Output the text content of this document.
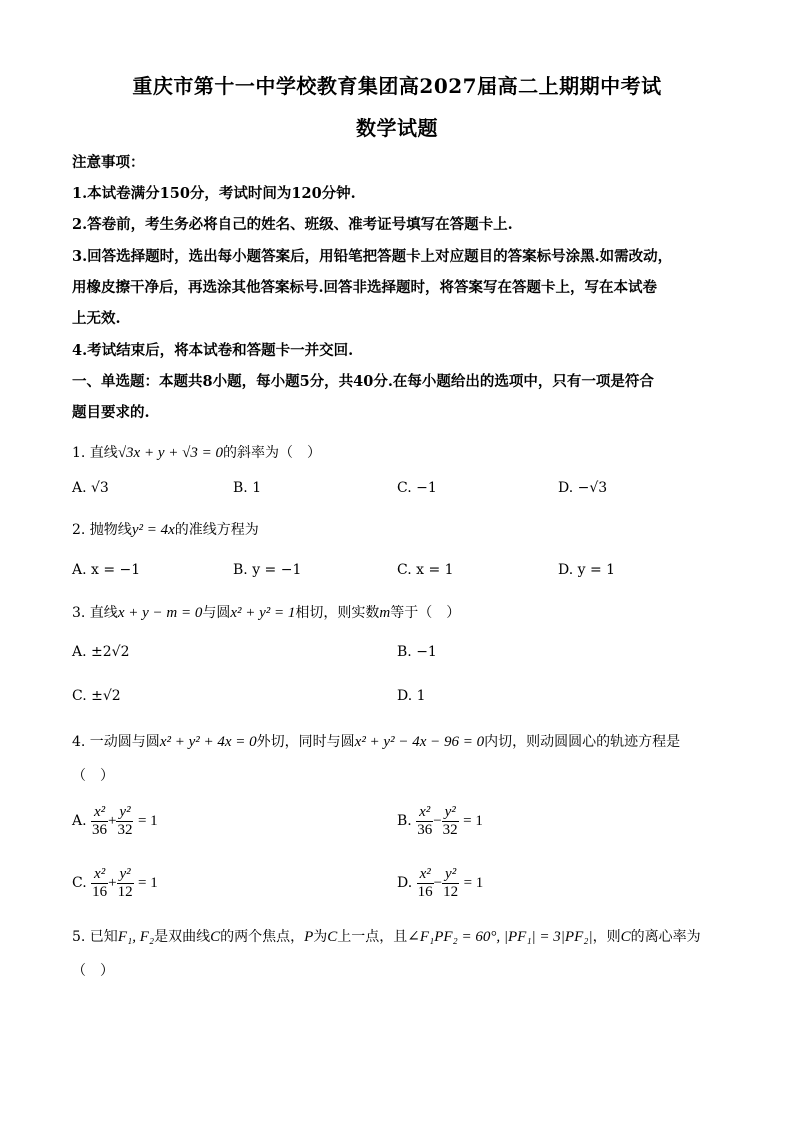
重庆市第十一中学校教育集团高2027届高二上期期中考试
数学试题
注意事项：
1.本试卷满分150分，考试时间为120分钟.
2.答卷前，考生务必将自己的姓名、班级、准考证号填写在答题卡上.
3.回答选择题时，选出每小题答案后，用铅笔把答题卡上对应题目的答案标号涂黑.如需改动，
用橡皮擦干净后，再选涂其他答案标号.回答非选择题时，将答案写在答题卡上，写在本试卷
上无效.
4.考试结束后，将本试卷和答题卡一并交回.
一、单选题：本题共8小题，每小题5分，共40分.在每小题给出的选项中，只有一项是符合
题目要求的.
1. 直线√3x + y + √3 = 0的斜率为（　）
A. √3	B. 1	C. −1	D. −√3
2. 抛物线y² = 4x的准线方程为
A. x = −1	B. y = −1	C. x = 1	D. y = 1
3. 直线x + y − m = 0与圆x² + y² = 1相切，则实数m等于（　）
A. ±2√2	B. −1
C. ±√2	D. 1
4. 一动圆与圆x² + y² + 4x = 0外切，同时与圆x² + y² − 4x − 96 = 0内切，则动圆圆心的轨迹方程是
（　）
A. $\frac{\text{x²}}{36} + \frac{\text{y²}}{32} = 1$	B. $\frac{\text{x²}}{36} - \frac{\text{y²}}{32} = 1$
C. $\frac{\text{x²}}{16} + \frac{\text{y²}}{12} = 1$	D. $\frac{\text{x²}}{16} - \frac{\text{y²}}{12} = 1$
5. 已知F₁, F₂是双曲线C的两个焦点，P为C上一点，且∠F₁PF₂ = 60°, |PF₁| = 3|PF₂|，则C的离心率为
（　）
